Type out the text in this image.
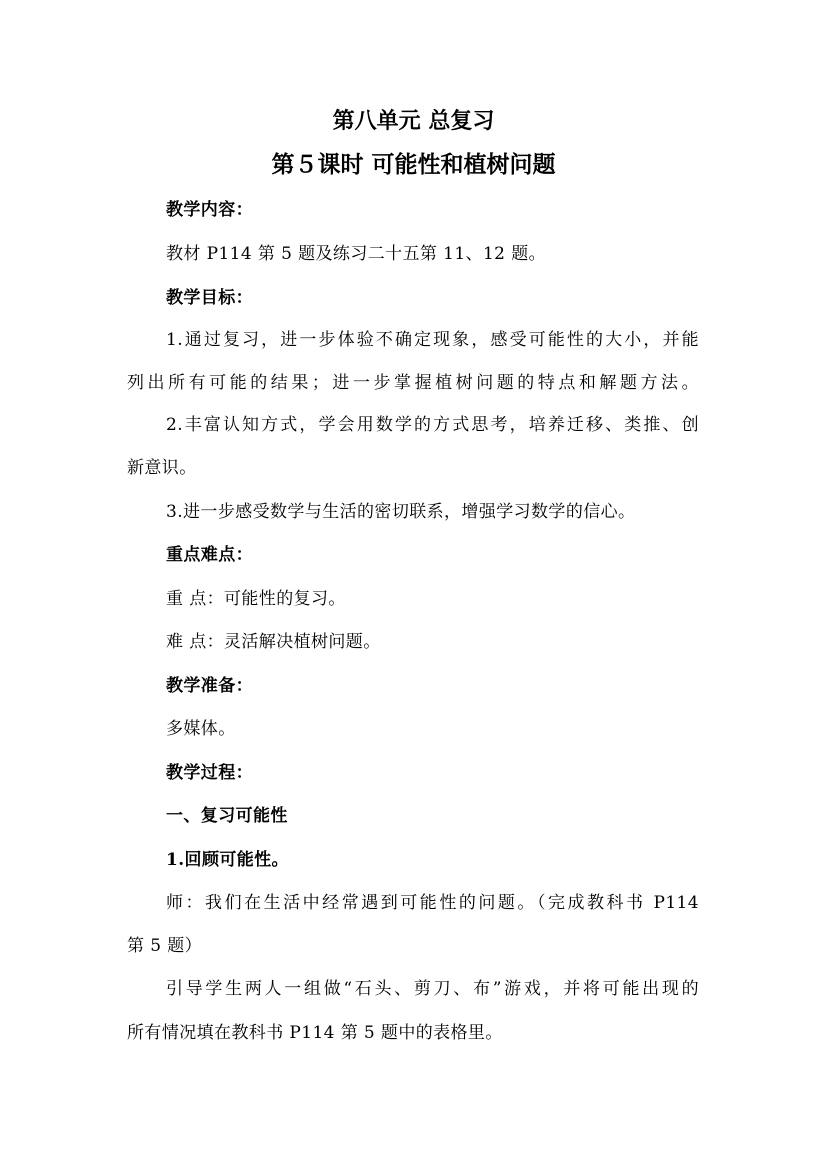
第八单元 总复习
第５课时 可能性和植树问题
教学内容：
教材 P114 第 5 题及练习二十五第 11、12 题。
教学目标：
1.通过复习，进一步体验不确定现象，感受可能性的大小，并能
列出所有可能的结果；进一步掌握植树问题的特点和解题方法。
2.丰富认知方式，学会用数学的方式思考，培养迁移、类推、创
新意识。
3.进一步感受数学与生活的密切联系，增强学习数学的信心。
重点难点：
重 点：可能性的复习。
难 点：灵活解决植树问题。
教学准备：
多媒体。
教学过程：
一、复习可能性
1.回顾可能性。
师：我们在生活中经常遇到可能性的问题。（完成教科书 P114
第 5 题）
引导学生两人一组做“石头、剪刀、布”游戏，并将可能出现的
所有情况填在教科书 P114 第 5 题中的表格里。
